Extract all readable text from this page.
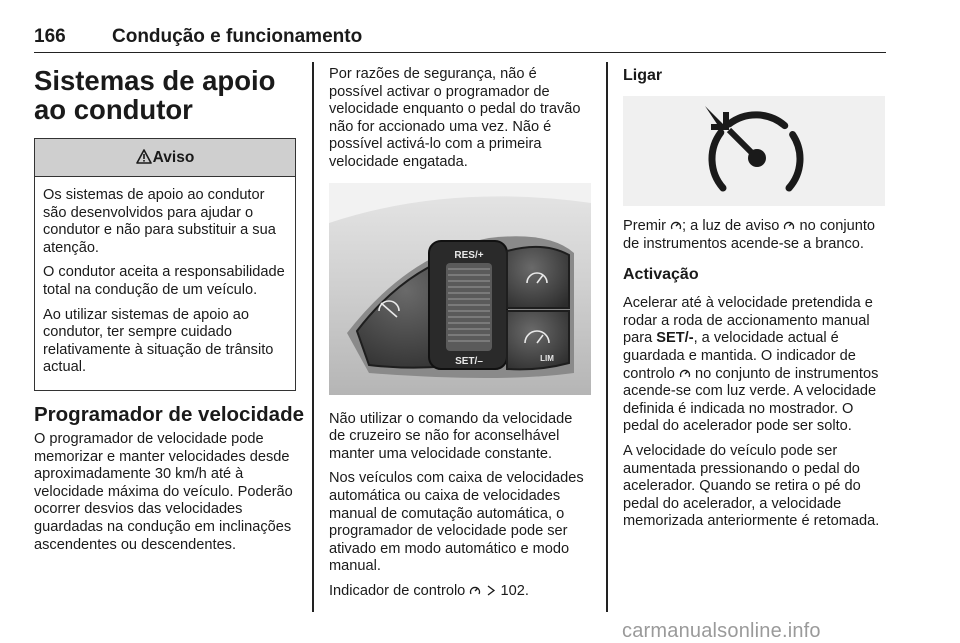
166 Condução e funcionamento
Sistemas de apoio ao condutor
Aviso

Os sistemas de apoio ao condutor são desenvolvidos para ajudar o condutor e não para substituir a sua atenção.

O condutor aceita a responsabilidade total na condução de um veículo.

Ao utilizar sistemas de apoio ao condutor, ter sempre cuidado relativamente à situação de trânsito actual.

Programador de velocidade

O programador de velocidade pode memorizar e manter velocidades desde aproximadamente 30 km/h até à velocidade máxima do veículo. Poderão ocorrer desvios das velocidades guardadas na condução em inclinações ascendentes ou descendentes.

Por razões de segurança, não é possível activar o programador de velocidade enquanto o pedal do travão não for accionado uma vez. Não é possível activá-lo com a primeira velocidade engatada.

RES/+
SET/–	LIM

Não utilizar o comando da velocidade de cruzeiro se não for aconselhável manter uma velocidade constante.

Nos veículos com caixa de velocidades automática ou caixa de velocidades manual de comutação automática, o programador de velocidade pode ser ativado em modo automático e modo manual.

Indicador de controlo 102.

Ligar

Premir ; a luz de aviso no conjunto de instrumentos acende-se a branco.

Activação

Acelerar até à velocidade pretendida e rodar a roda de accionamento manual para SET/-, a velocidade actual é guardada e mantida. O indicador de controlo no conjunto de instrumentos acende-se com luz verde. A velocidade definida é indicada no mostrador. O pedal do acelerador pode ser solto.

A velocidade do veículo pode ser aumentada pressionando o pedal do acelerador. Quando se retira o pé do pedal do acelerador, a velocidade memorizada anteriormente é retomada.

carmanualsonline.info
